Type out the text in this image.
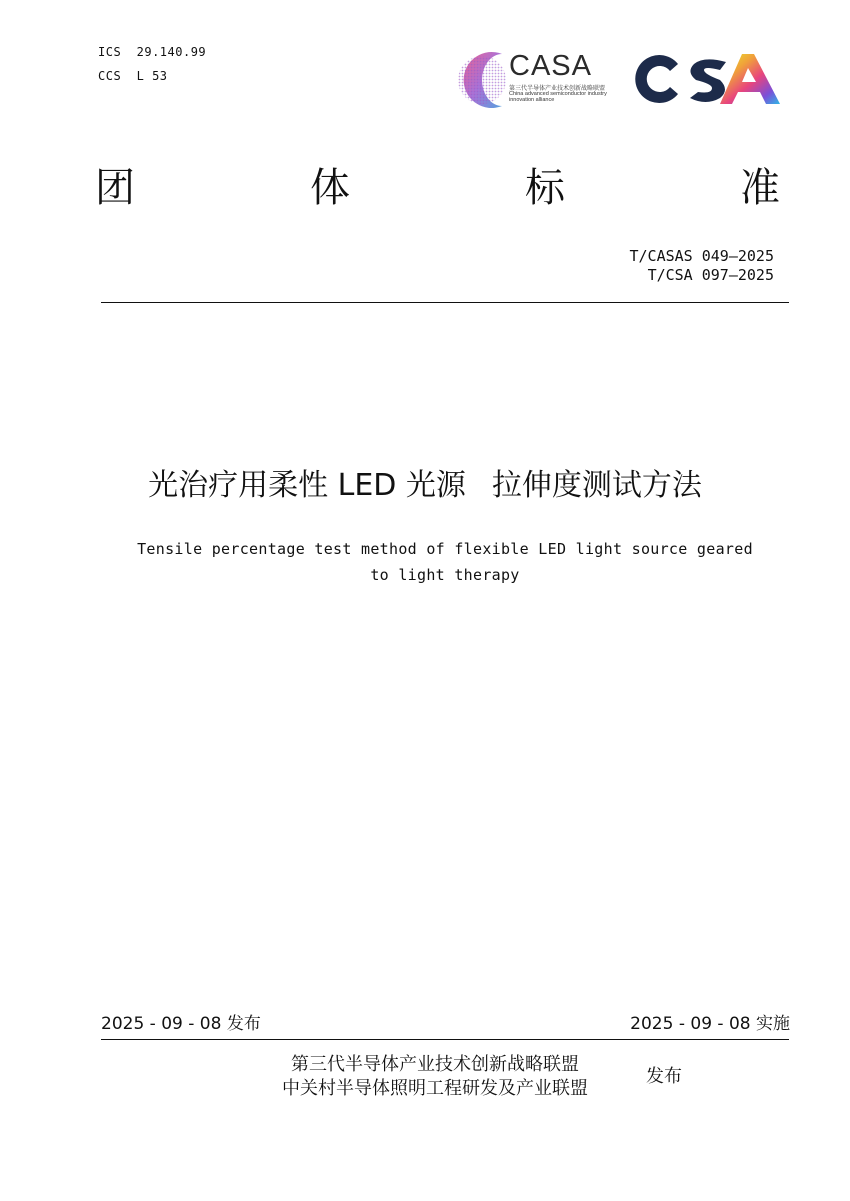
ICS  29.140.99
CCS  L 53	CASA
第三代半导体产业技术创新战略联盟
China advanced semiconductor industry
innovation alliance
团	体	标	准
T/CASAS 049—2025
T/CSA 097—2025
光治疗用柔性 LED 光源 拉伸度测试方法
Tensile percentage test method of flexible LED light source geared
to light therapy
2025 - 09 - 08 发布	2025 - 09 - 08 实施
第三代半导体产业技术创新战略联盟
中关村半导体照明工程研发及产业联盟
发布
